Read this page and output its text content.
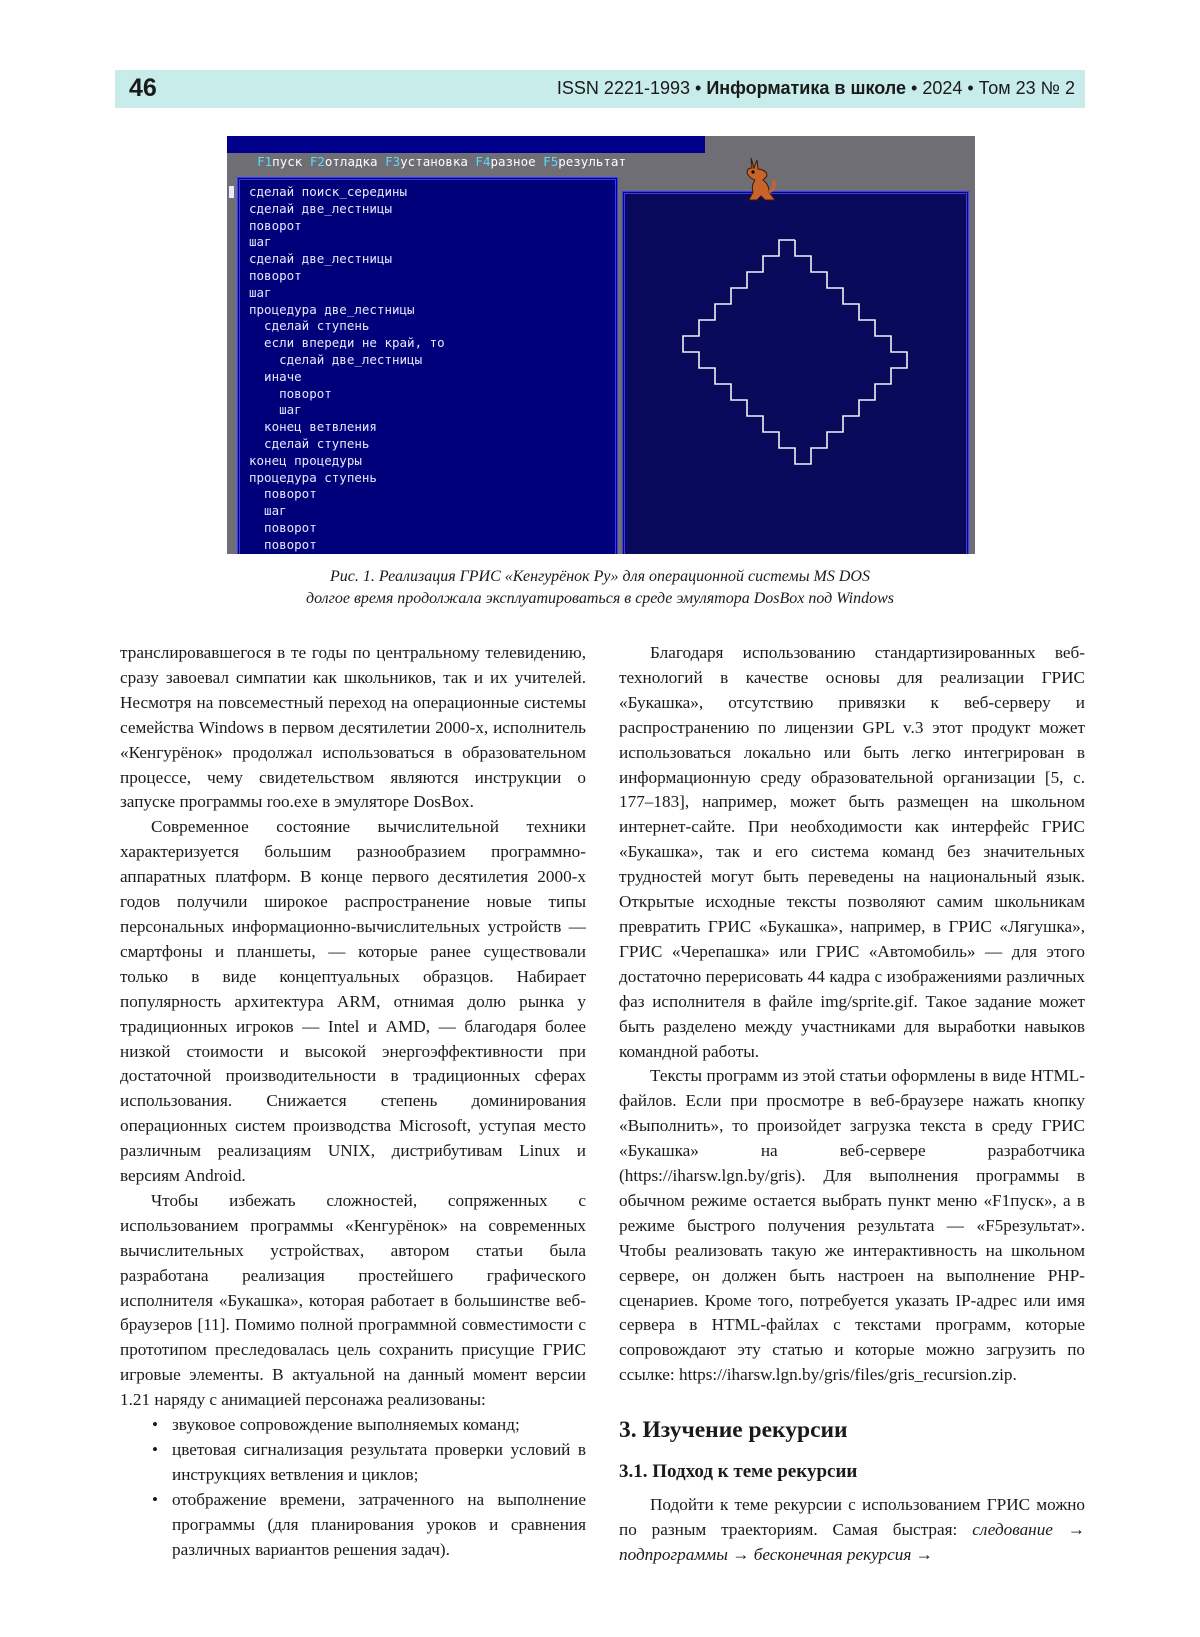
46	ISSN 2221-1993 • Информатика в школе • 2024 • Том 23 № 2

F1пуск F2отладка F3установка F4разное F5результат

сделай поиск_середины
сделай две_лестницы
поворот
шаг
сделай две_лестницы
поворот
шаг
процедура две_лестницы
сделай ступень
если впереди не край, то
сделай две_лестницы
иначе
поворот
шаг
конец ветвления
сделай ступень
конец процедуры
процедура ступень
поворот
шаг
поворот
поворот
Рис. 1. Реализация ГРИС «Кенгурёнок Ру» для операционной системы MS DOS
долгое время продолжала эксплуатироваться в среде эмулятора DosBox под Windows

транслировавшегося в те годы по центральному телевидению, сразу завоевал симпатии как школьников, так и их учителей. Несмотря на повсеместный переход на операционные системы семейства Windows в первом десятилетии 2000-х, исполнитель «Кенгурёнок» продолжал использоваться в образовательном процессе, чему свидетельством являются инструкции о запуске программы roo.exe в эмуляторе DosBox.

Современное состояние вычислительной техники характеризуется большим разнообразием программно-аппаратных платформ. В конце первого десятилетия 2000-х годов получили широкое распространение новые типы персональных информационно-вычислительных устройств — смартфоны и планшеты, — которые ранее существовали только в виде концептуальных образцов. Набирает популярность архитектура ARM, отнимая долю рынка у традиционных игроков — Intel и AMD, — благодаря более низкой стоимости и высокой энергоэффективности при достаточной производительности в традиционных сферах использования. Снижается степень доминирования операционных систем производства Microsoft, уступая место различным реализациям UNIX, дистрибутивам Linux и версиям Android.

Чтобы избежать сложностей, сопряженных с использованием программы «Кенгурёнок» на современных вычислительных устройствах, автором статьи была разработана реализация простейшего графического исполнителя «Букашка», которая работает в большинстве веб-браузеров [11]. Помимо полной программной совместимости с прототипом преследовалась цель сохранить присущие ГРИС игровые элементы. В актуальной на данный момент версии 1.21 наряду с анимацией персонажа реализованы:

• звуковое сопровождение выполняемых команд;
• цветовая сигнализация результата проверки условий в инструкциях ветвления и циклов;
• отображение времени, затраченного на выполнение программы (для планирования уроков и сравнения различных вариантов решения задач).

Благодаря использованию стандартизированных веб-технологий в качестве основы для реализации ГРИС «Букашка», отсутствию привязки к веб-серверу и распространению по лицензии GPL v.3 этот продукт может использоваться локально или быть легко интегрирован в информационную среду образовательной организации [5, с. 177–183], например, может быть размещен на школьном интернет-сайте. При необходимости как интерфейс ГРИС «Букашка», так и его система команд без значительных трудностей могут быть переведены на национальный язык. Открытые исходные тексты позволяют самим школьникам превратить ГРИС «Букашка», например, в ГРИС «Лягушка», ГРИС «Черепашка» или ГРИС «Автомобиль» — для этого достаточно перерисовать 44 кадра с изображениями различных фаз исполнителя в файле img/sprite.gif. Такое задание может быть разделено между участниками для выработки навыков командной работы.

Тексты программ из этой статьи оформлены в виде HTML-файлов. Если при просмотре в веб-браузере нажать кнопку «Выполнить», то произойдет загрузка текста в среду ГРИС «Букашка» на веб-сервере разработчика (https://iharsw.lgn.by/gris). Для выполнения программы в обычном режиме остается выбрать пункт меню «F1пуск», а в режиме быстрого получения результата — «F5результат». Чтобы реализовать такую же интерактивность на школьном сервере, он должен быть настроен на выполнение PHP-сценариев. Кроме того, потребуется указать IP-адрес или имя сервера в HTML-файлах с текстами программ, которые сопровождают эту статью и которые можно загрузить по ссылке: https://iharsw.lgn.by/gris/files/gris_recursion.zip.

3. Изучение рекурсии
3.1. Подход к теме рекурсии

Подойти к теме рекурсии с использованием ГРИС можно по разным траекториям. Самая быстрая: следование → подпрограммы → бесконечная рекурсия →
